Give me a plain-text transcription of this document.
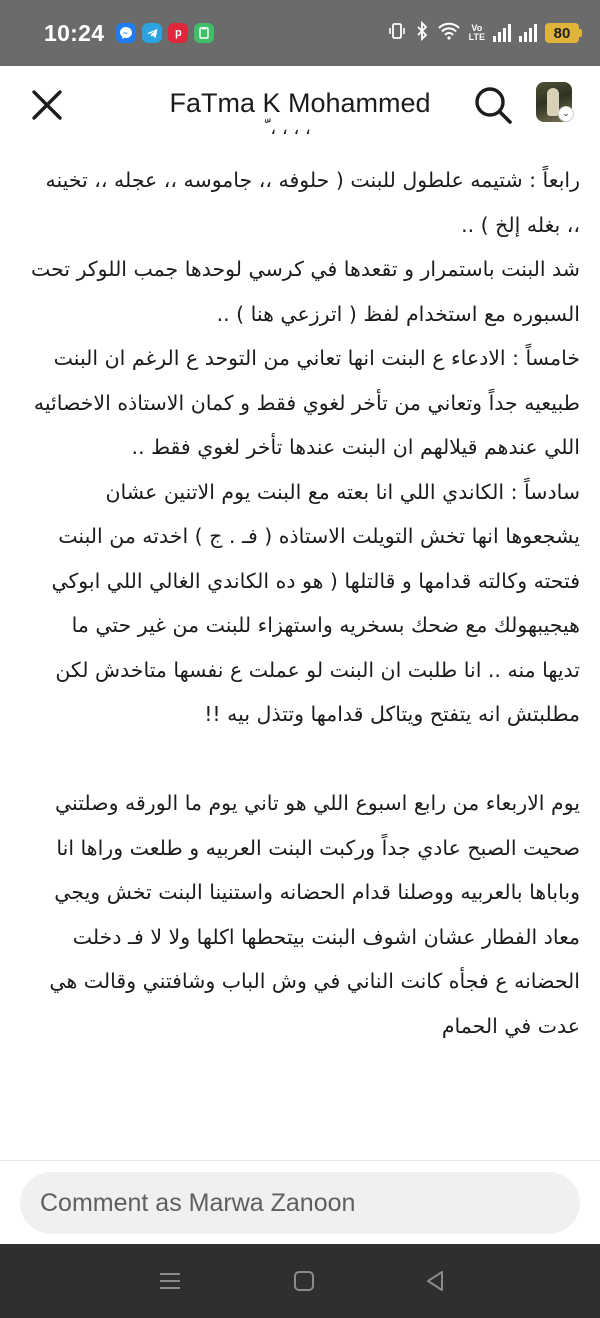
10:24	p	Vo
LTE	80
FaTma K Mohammed	⌄
ّ ، ، ، ،

رابعاً : شتيمه علطول للبنت ( حلوفه ،، جاموسه ،، عجله ،، تخينه ،، بغله إلخ ) ..

شد البنت باستمرار و تقعدها في كرسي لوحدها جمب اللوكر تحت السبوره مع استخدام لفظ ( اترزعي هنا ) ..

خامساً : الادعاء ع البنت انها تعاني من التوحد ع الرغم ان البنت طبيعيه جداً وتعاني من تأخر لغوي فقط و كمان الاستاذه الاخصائيه اللي عندهم قيلالهم ان البنت عندها تأخر لغوي فقط ..

سادساً : الكاندي اللي انا بعته مع البنت يوم الاتنين عشان يشجعوها انها تخش التويلت الاستاذه ( فـ . ج ) اخدته من البنت فتحته وكالته قدامها و قالتلها ( هو ده الكاندي الغالي اللي ابوكي هيجيبهولك مع ضحك بسخريه واستهزاء للبنت من غير حتي ما تديها منه .. انا طلبت ان البنت لو عملت ع نفسها متاخدش لكن مطلبتش انه يتفتح ويتاكل قدامها وتتذل بيه !!

يوم الاربعاء من رابع اسبوع اللي هو تاني يوم ما الورقه وصلتني صحيت الصبح عادي جداً وركبت البنت العربيه و طلعت وراها انا وباباها بالعربيه ووصلنا قدام الحضانه واستنينا البنت تخش ويجي معاد الفطار عشان اشوف البنت بيتحطها اكلها ولا لا فـ دخلت الحضانه ع فجأه كانت الناني في وش الباب وشافتني وقالت هي عدت في الحمام

Comment as Marwa Zanoon
